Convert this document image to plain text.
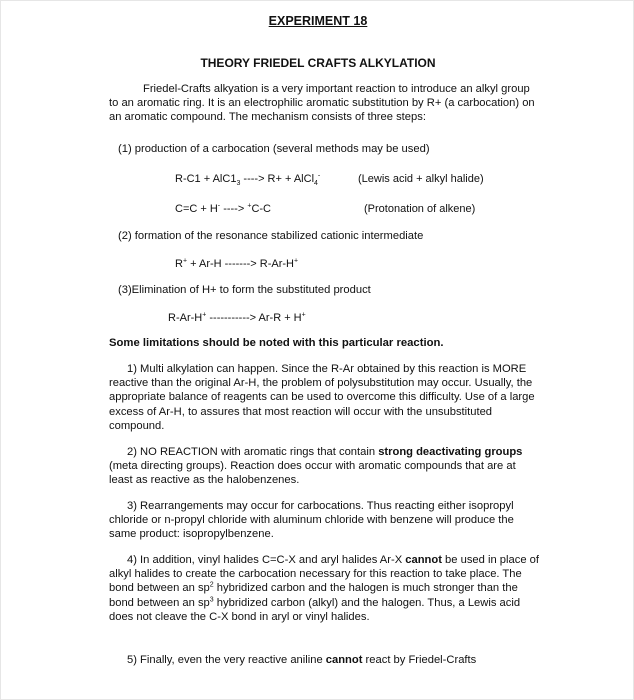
EXPERIMENT 18
THEORY FRIEDEL CRAFTS ALKYLATION
Friedel-Crafts alkyation is a very important reaction to introduce an alkyl group to an aromatic ring. It is an electrophilic aromatic substitution by R+ (a carbocation) on an aromatic compound. The mechanism consists of three steps:
(1) production of a carbocation (several methods may be used)
$R-C1 + AlC1_3$ ----> R+ + AlCl$_4$-	(Lewis acid + alkyl halide)
C=C + H- ----> +C-C	(Protonation of alkene)
(2) formation of the resonance stabilized cationic intermediate
R+ + Ar-H -------> R-Ar-H+
(3)Elimination of H+ to form the substituted product
R-Ar-H+ -----------> Ar-R + H+
Some limitations should be noted with this particular reaction.
1) Multi alkylation can happen. Since the R-Ar obtained by this reaction is MORE reactive than the original Ar-H, the problem of polysubstitution may occur. Usually, the appropriate balance of reagents can be used to overcome this difficulty. Use of a large excess of Ar-H, to assures that most reaction will occur with the unsubstituted compound.
2) NO REACTION with aromatic rings that contain strong deactivating groups (meta directing groups). Reaction does occur with aromatic compounds that are at least as reactive as the halobenzenes.
3) Rearrangements may occur for carbocations. Thus reacting either isopropyl chloride or n-propyl chloride with aluminum chloride with benzene will produce the same product: isopropylbenzene.
4) In addition, vinyl halides C=C-X and aryl halides Ar-X cannot be used in place of alkyl halides to create the carbocation necessary for this reaction to take place. The bond between an $sp^2$ hybridized carbon and the halogen is much stronger than the bond between an $sp^3$ hybridized carbon (alkyl) and the halogen. Thus, a Lewis acid does not cleave the C-X bond in aryl or vinyl halides.
5) Finally, even the very reactive aniline cannot react by Friedel-Crafts
